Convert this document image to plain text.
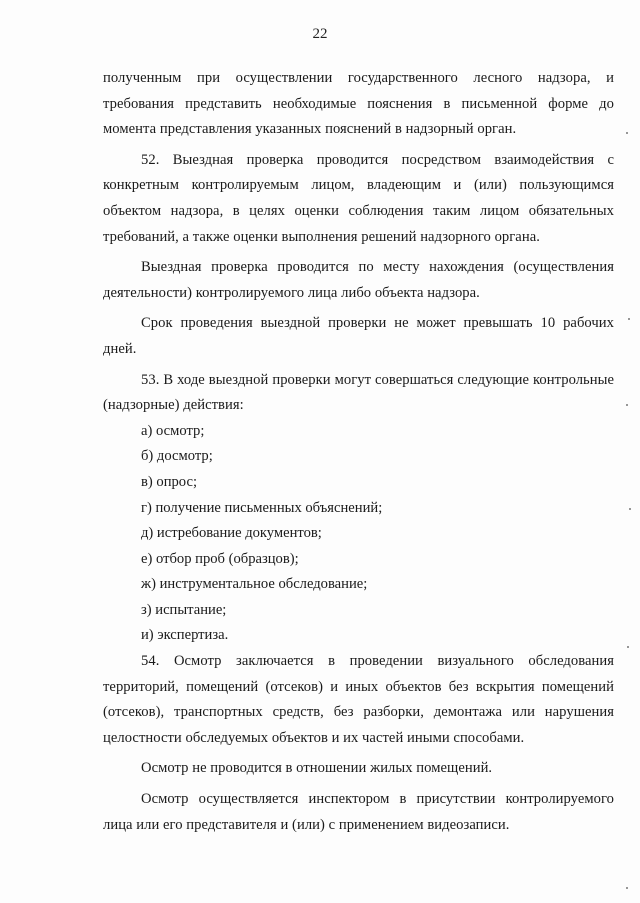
22

полученным при осуществлении государственного лесного надзора, и требования представить необходимые пояснения в письменной форме до момента представления указанных пояснений в надзорный орган.

52. Выездная проверка проводится посредством взаимодействия с конкретным контролируемым лицом, владеющим и (или) пользующимся объектом надзора, в целях оценки соблюдения таким лицом обязательных требований, а также оценки выполнения решений надзорного органа.

Выездная проверка проводится по месту нахождения (осуществления деятельности) контролируемого лица либо объекта надзора.

Срок проведения выездной проверки не может превышать 10 рабочих дней.

53. В ходе выездной проверки могут совершаться следующие контрольные (надзорные) действия:

а) осмотр;

б) досмотр;

в) опрос;

г) получение письменных объяснений;

д) истребование документов;

е) отбор проб (образцов);

ж) инструментальное обследование;

з) испытание;

и) экспертиза.

54. Осмотр заключается в проведении визуального обследования территорий, помещений (отсеков) и иных объектов без вскрытия помещений (отсеков), транспортных средств, без разборки, демонтажа или нарушения целостности обследуемых объектов и их частей иными способами.

Осмотр не проводится в отношении жилых помещений.

Осмотр осуществляется инспектором в присутствии контролируемого лица или его представителя и (или) с применением видеозаписи.
